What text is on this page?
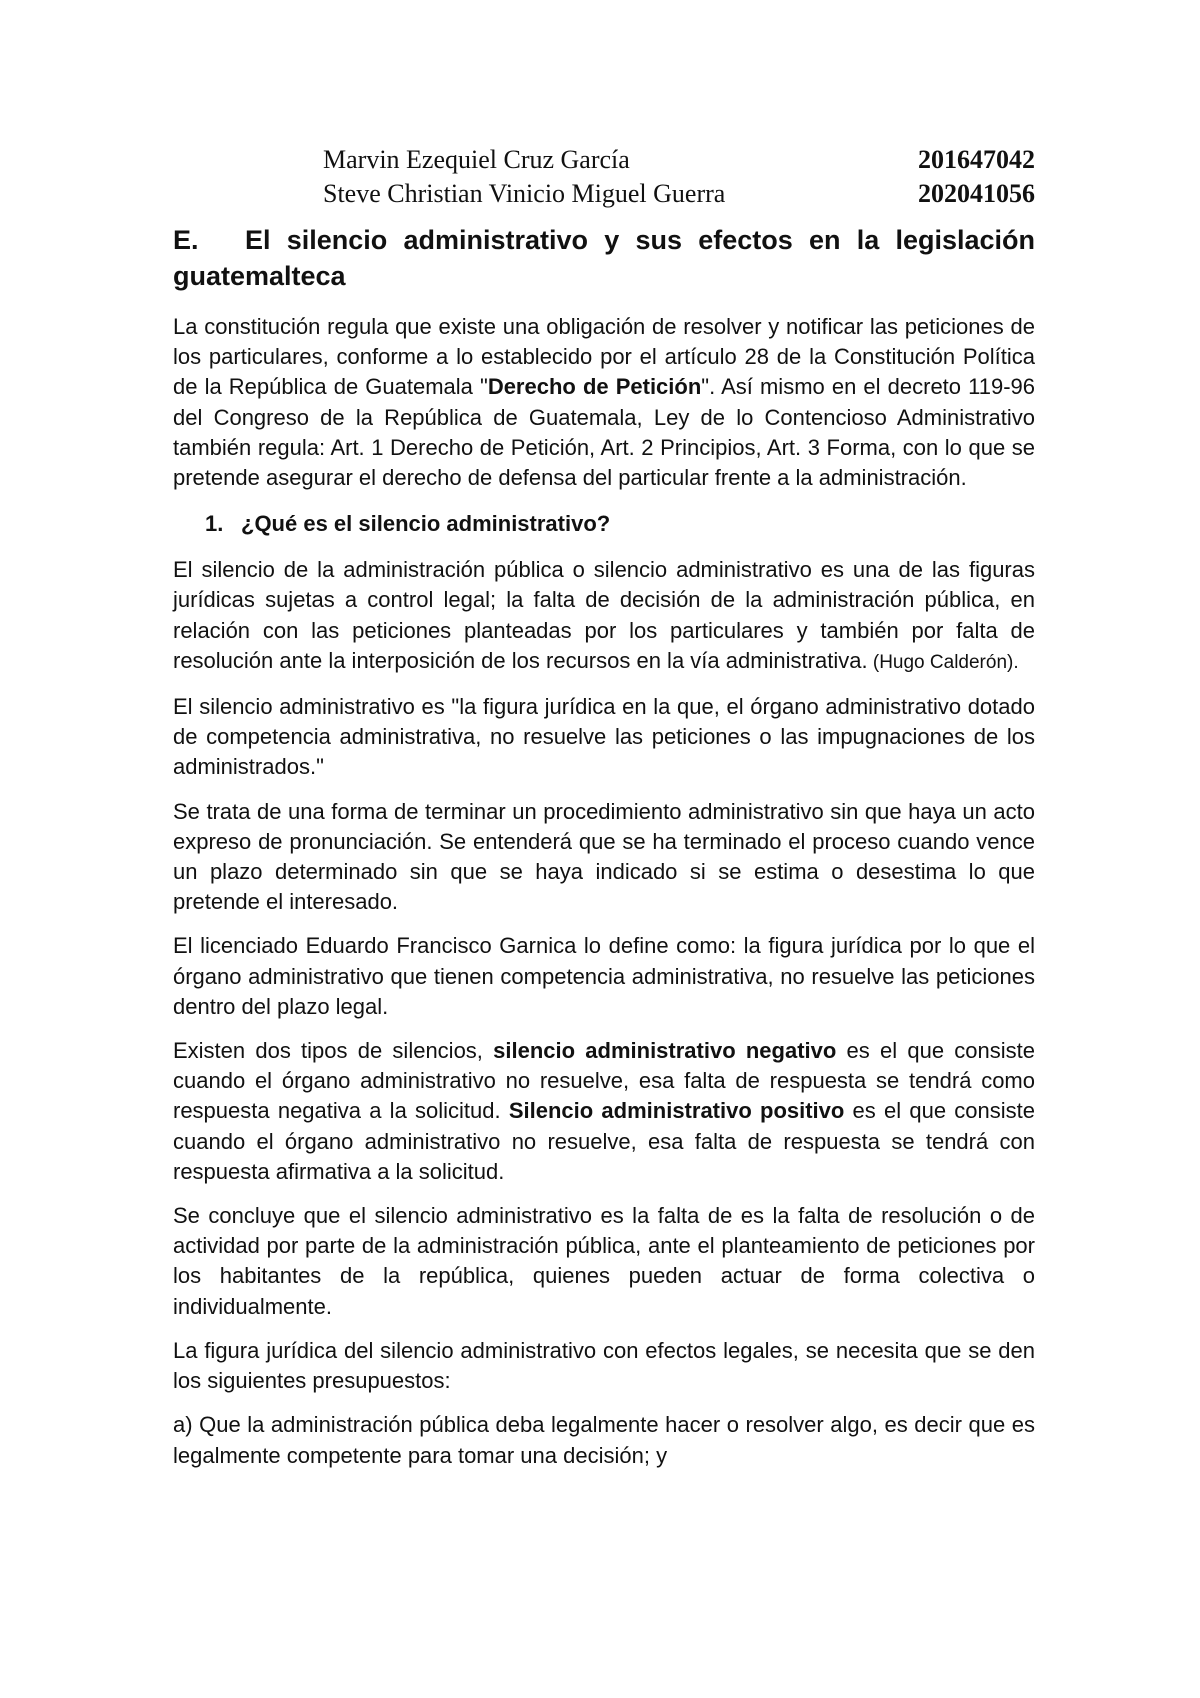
Marvin Ezequiel Cruz García	201647042
Steve Christian Vinicio Miguel Guerra	202041056
E. El silencio administrativo y sus efectos en la legislación guatemalteca

La constitución regula que existe una obligación de resolver y notificar las peticiones de los particulares, conforme a lo establecido por el artículo 28 de la Constitución Política de la República de Guatemala "Derecho de Petición". Así mismo en el decreto 119-96 del Congreso de la República de Guatemala, Ley de lo Contencioso Administrativo también regula: Art. 1 Derecho de Petición, Art. 2 Principios, Art. 3 Forma, con lo que se pretende asegurar el derecho de defensa del particular frente a la administración.

1. ¿Qué es el silencio administrativo?

El silencio de la administración pública o silencio administrativo es una de las figuras jurídicas sujetas a control legal; la falta de decisión de la administración pública, en relación con las peticiones planteadas por los particulares y también por falta de resolución ante la interposición de los recursos en la vía administrativa. (Hugo Calderón).

El silencio administrativo es "la figura jurídica en la que, el órgano administrativo dotado de competencia administrativa, no resuelve las peticiones o las impugnaciones de los administrados."

Se trata de una forma de terminar un procedimiento administrativo sin que haya un acto expreso de pronunciación. Se entenderá que se ha terminado el proceso cuando vence un plazo determinado sin que se haya indicado si se estima o desestima lo que pretende el interesado.

El licenciado Eduardo Francisco Garnica lo define como: la figura jurídica por lo que el órgano administrativo que tienen competencia administrativa, no resuelve las peticiones dentro del plazo legal.

Existen dos tipos de silencios, silencio administrativo negativo es el que consiste cuando el órgano administrativo no resuelve, esa falta de respuesta se tendrá como respuesta negativa a la solicitud. Silencio administrativo positivo es el que consiste cuando el órgano administrativo no resuelve, esa falta de respuesta se tendrá con respuesta afirmativa a la solicitud.

Se concluye que el silencio administrativo es la falta de es la falta de resolución o de actividad por parte de la administración pública, ante el planteamiento de peticiones por los habitantes de la república, quienes pueden actuar de forma colectiva o individualmente.

La figura jurídica del silencio administrativo con efectos legales, se necesita que se den los siguientes presupuestos:

a) Que la administración pública deba legalmente hacer o resolver algo, es decir que es legalmente competente para tomar una decisión; y
